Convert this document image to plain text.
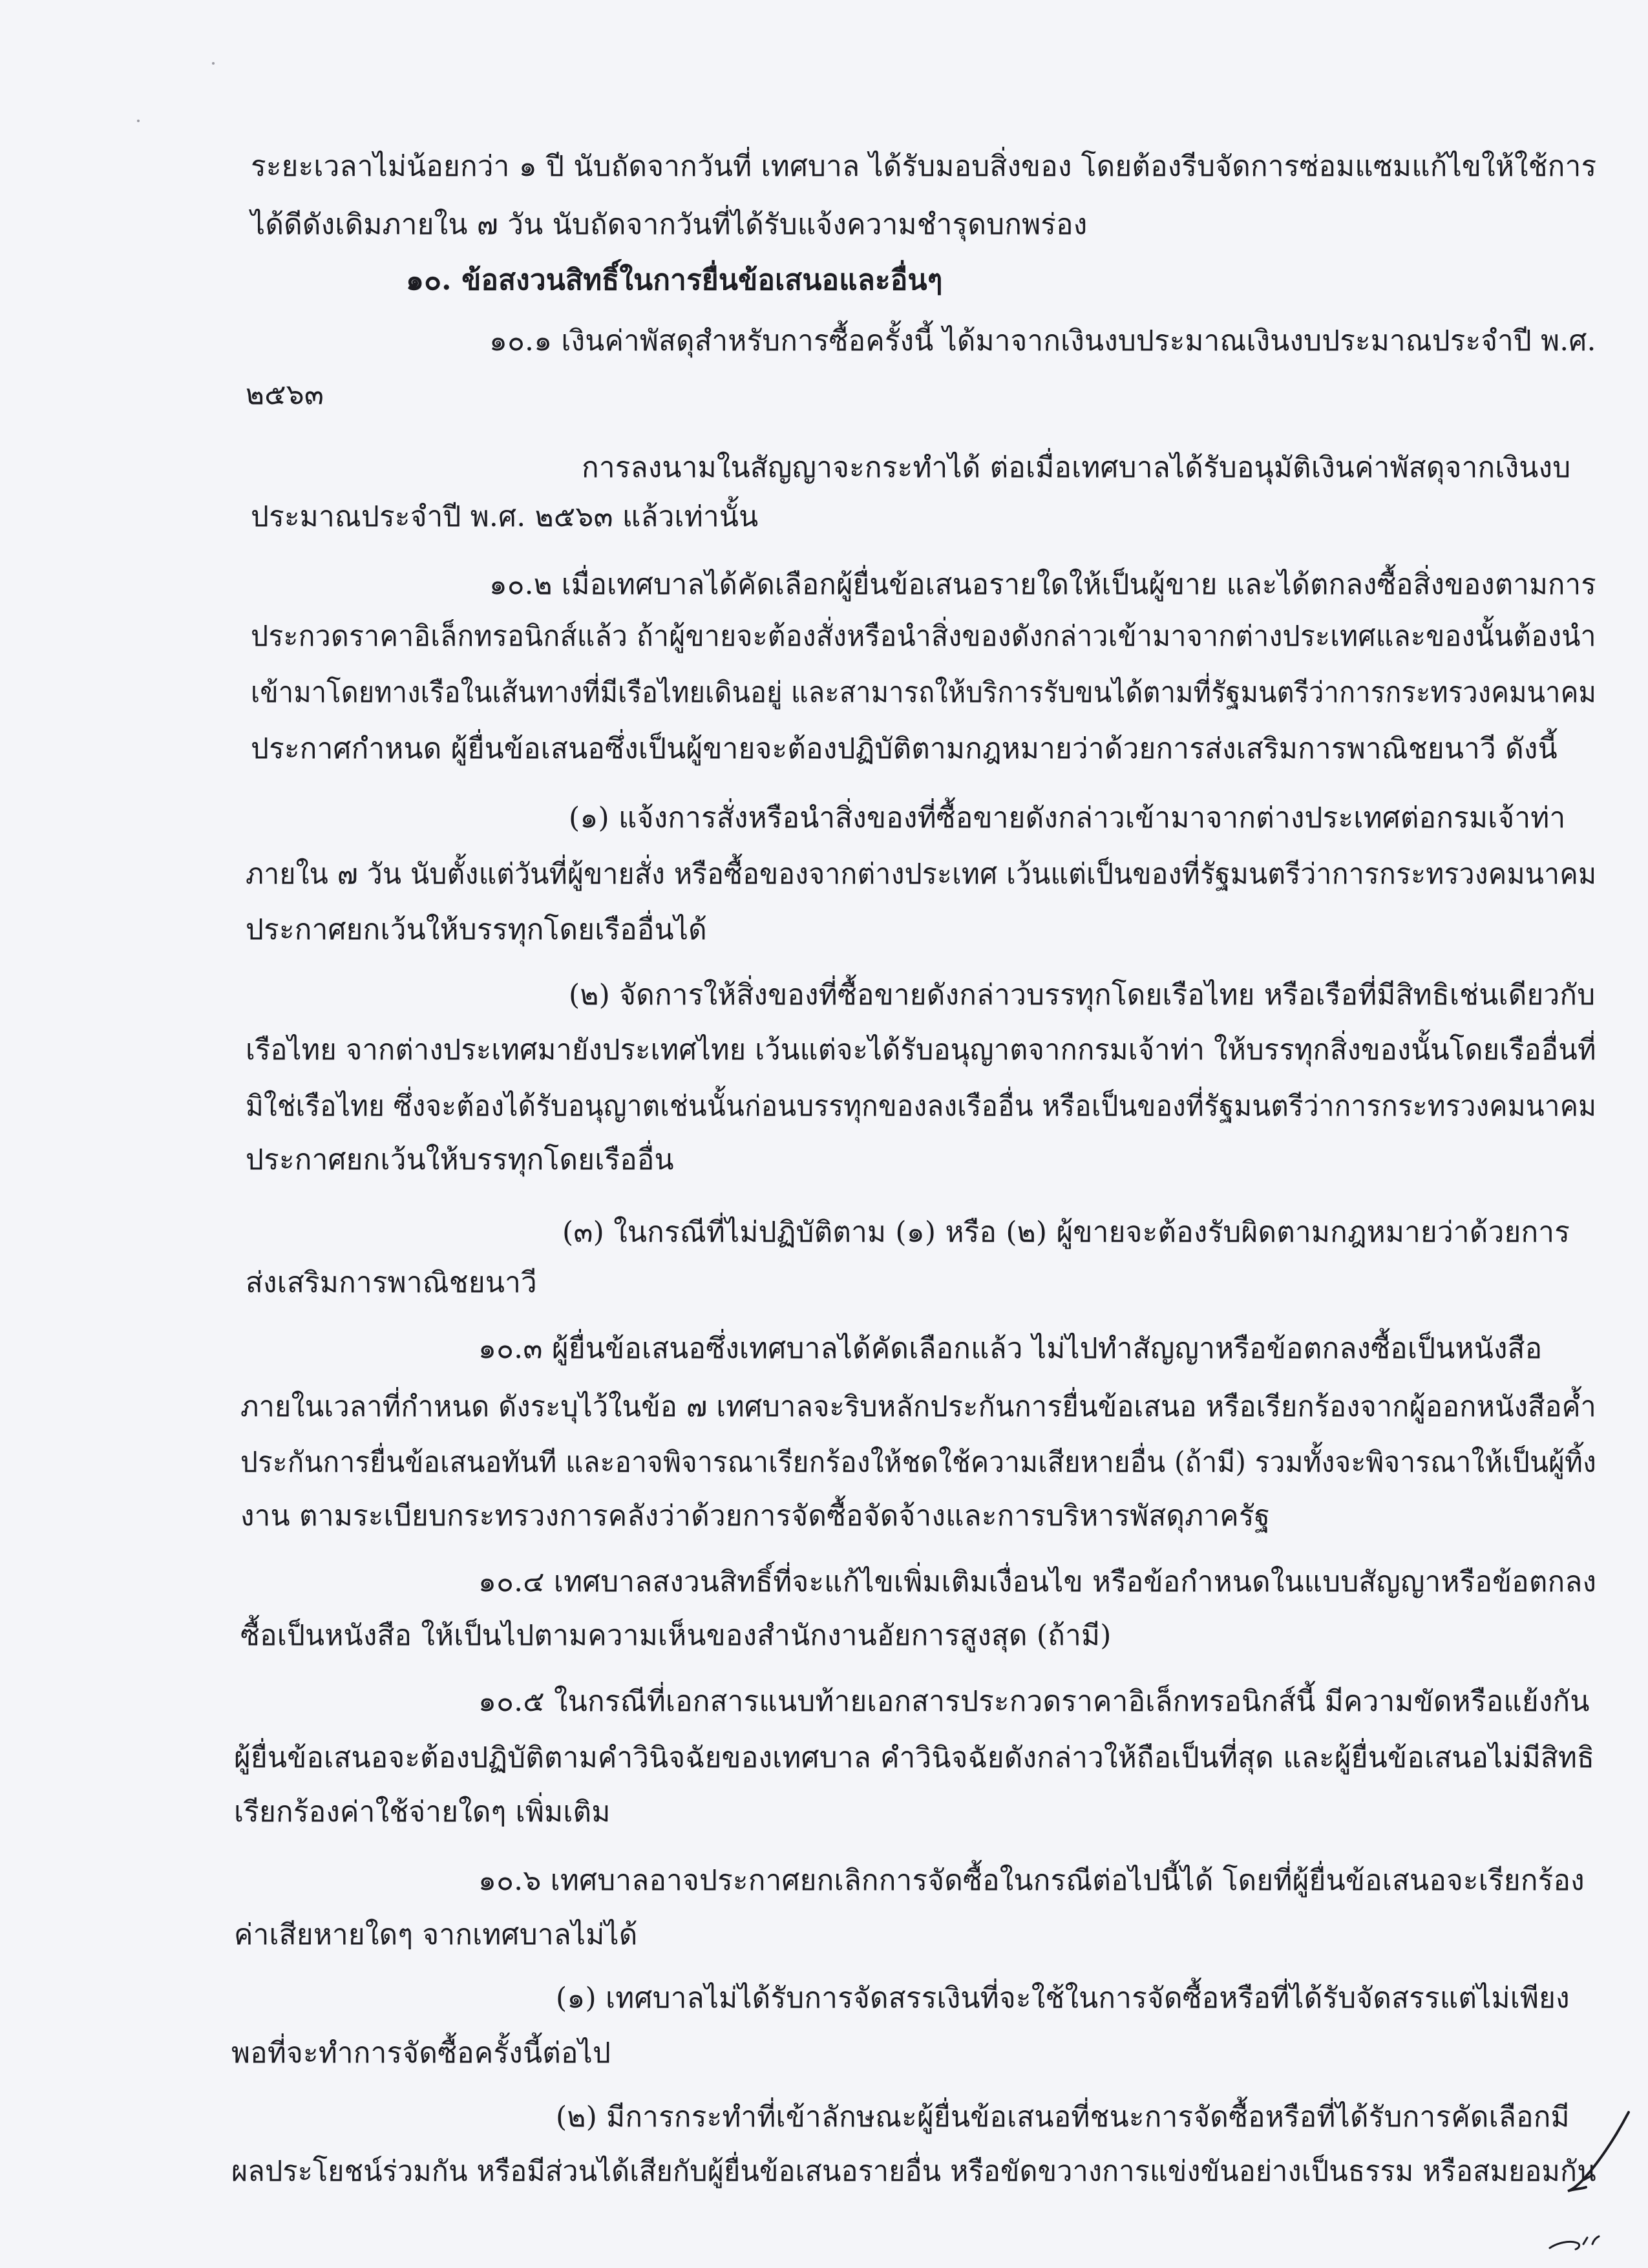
ระยะเวลาไม่น้อยกว่า ๑ ปี นับถัดจากวันที่ เทศบาล ได้รับมอบสิ่งของ โดยต้องรีบจัดการซ่อมแซมแก้ไขให้ใช้การ
ได้ดีดังเดิมภายใน ๗ วัน นับถัดจากวันที่ได้รับแจ้งความชำรุดบกพร่อง
๑๐. ข้อสงวนสิทธิ์ในการยื่นข้อเสนอและอื่นๆ
๑๐.๑ เงินค่าพัสดุสำหรับการซื้อครั้งนี้ ได้มาจากเงินงบประมาณเงินงบประมาณประจำปี พ.ศ.
๒๕๖๓
การลงนามในสัญญาจะกระทำได้ ต่อเมื่อเทศบาลได้รับอนุมัติเงินค่าพัสดุจากเงินงบ
ประมาณประจำปี พ.ศ. ๒๕๖๓ แล้วเท่านั้น
๑๐.๒ เมื่อเทศบาลได้คัดเลือกผู้ยื่นข้อเสนอรายใดให้เป็นผู้ขาย และได้ตกลงซื้อสิ่งของตามการ
ประกวดราคาอิเล็กทรอนิกส์แล้ว ถ้าผู้ขายจะต้องสั่งหรือนำสิ่งของดังกล่าวเข้ามาจากต่างประเทศและของนั้นต้องนำ
เข้ามาโดยทางเรือในเส้นทางที่มีเรือไทยเดินอยู่ และสามารถให้บริการรับขนได้ตามที่รัฐมนตรีว่าการกระทรวงคมนาคม
ประกาศกำหนด ผู้ยื่นข้อเสนอซึ่งเป็นผู้ขายจะต้องปฏิบัติตามกฎหมายว่าด้วยการส่งเสริมการพาณิชยนาวี ดังนี้
(๑) แจ้งการสั่งหรือนำสิ่งของที่ซื้อขายดังกล่าวเข้ามาจากต่างประเทศต่อกรมเจ้าท่า
ภายใน ๗ วัน นับตั้งแต่วันที่ผู้ขายสั่ง หรือซื้อของจากต่างประเทศ เว้นแต่เป็นของที่รัฐมนตรีว่าการกระทรวงคมนาคม
ประกาศยกเว้นให้บรรทุกโดยเรืออื่นได้
(๒) จัดการให้สิ่งของที่ซื้อขายดังกล่าวบรรทุกโดยเรือไทย หรือเรือที่มีสิทธิเช่นเดียวกับ
เรือไทย จากต่างประเทศมายังประเทศไทย เว้นแต่จะได้รับอนุญาตจากกรมเจ้าท่า ให้บรรทุกสิ่งของนั้นโดยเรืออื่นที่
มิใช่เรือไทย ซึ่งจะต้องได้รับอนุญาตเช่นนั้นก่อนบรรทุกของลงเรืออื่น หรือเป็นของที่รัฐมนตรีว่าการกระทรวงคมนาคม
ประกาศยกเว้นให้บรรทุกโดยเรืออื่น
(๓) ในกรณีที่ไม่ปฏิบัติตาม (๑) หรือ (๒) ผู้ขายจะต้องรับผิดตามกฎหมายว่าด้วยการ
ส่งเสริมการพาณิชยนาวี
๑๐.๓ ผู้ยื่นข้อเสนอซึ่งเทศบาลได้คัดเลือกแล้ว ไม่ไปทำสัญญาหรือข้อตกลงซื้อเป็นหนังสือ
ภายในเวลาที่กำหนด ดังระบุไว้ในข้อ ๗ เทศบาลจะริบหลักประกันการยื่นข้อเสนอ หรือเรียกร้องจากผู้ออกหนังสือค้ำ
ประกันการยื่นข้อเสนอทันที และอาจพิจารณาเรียกร้องให้ชดใช้ความเสียหายอื่น (ถ้ามี) รวมทั้งจะพิจารณาให้เป็นผู้ทิ้ง
งาน ตามระเบียบกระทรวงการคลังว่าด้วยการจัดซื้อจัดจ้างและการบริหารพัสดุภาครัฐ
๑๐.๔ เทศบาลสงวนสิทธิ์ที่จะแก้ไขเพิ่มเติมเงื่อนไข หรือข้อกำหนดในแบบสัญญาหรือข้อตกลง
ซื้อเป็นหนังสือ ให้เป็นไปตามความเห็นของสำนักงานอัยการสูงสุด (ถ้ามี)
๑๐.๕ ในกรณีที่เอกสารแนบท้ายเอกสารประกวดราคาอิเล็กทรอนิกส์นี้ มีความขัดหรือแย้งกัน
ผู้ยื่นข้อเสนอจะต้องปฏิบัติตามคำวินิจฉัยของเทศบาล คำวินิจฉัยดังกล่าวให้ถือเป็นที่สุด และผู้ยื่นข้อเสนอไม่มีสิทธิ
เรียกร้องค่าใช้จ่ายใดๆ เพิ่มเติม
๑๐.๖ เทศบาลอาจประกาศยกเลิกการจัดซื้อในกรณีต่อไปนี้ได้ โดยที่ผู้ยื่นข้อเสนอจะเรียกร้อง
ค่าเสียหายใดๆ จากเทศบาลไม่ได้
(๑) เทศบาลไม่ได้รับการจัดสรรเงินที่จะใช้ในการจัดซื้อหรือที่ได้รับจัดสรรแต่ไม่เพียง
พอที่จะทำการจัดซื้อครั้งนี้ต่อไป
(๒) มีการกระทำที่เข้าลักษณะผู้ยื่นข้อเสนอที่ชนะการจัดซื้อหรือที่ได้รับการคัดเลือกมี
ผลประโยชน์ร่วมกัน หรือมีส่วนได้เสียกับผู้ยื่นข้อเสนอรายอื่น หรือขัดขวางการแข่งขันอย่างเป็นธรรม หรือสมยอมกัน
